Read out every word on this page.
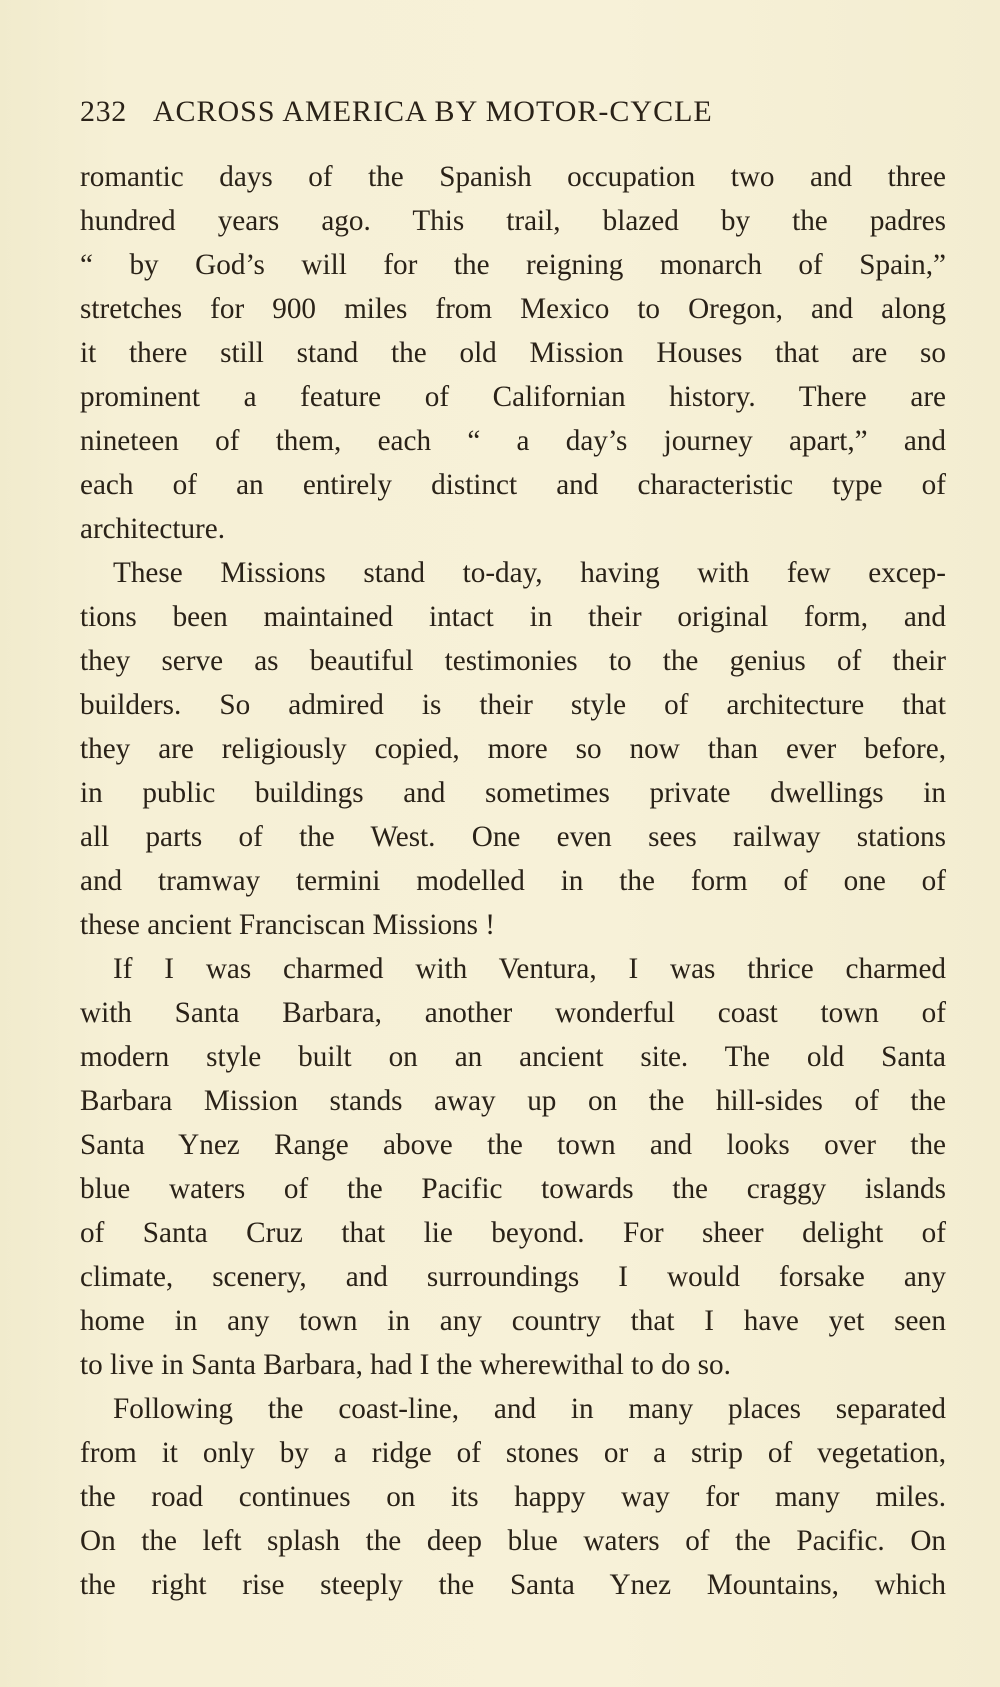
232 ACROSS AMERICA BY MOTOR-CYCLE
romantic days of the Spanish occupation two and three
hundred years ago. This trail, blazed by the padres
“ by God’s will for the reigning monarch of Spain,”
stretches for 900 miles from Mexico to Oregon, and along
it there still stand the old Mission Houses that are so
prominent a feature of Californian history. There are
nineteen of them, each “ a day’s journey apart,” and
each of an entirely distinct and characteristic type of
architecture.
These Missions stand to-day, having with few excep-
tions been maintained intact in their original form, and
they serve as beautiful testimonies to the genius of their
builders. So admired is their style of architecture that
they are religiously copied, more so now than ever before,
in public buildings and sometimes private dwellings in
all parts of the West. One even sees railway stations
and tramway termini modelled in the form of one of
these ancient Franciscan Missions !
If I was charmed with Ventura, I was thrice charmed
with Santa Barbara, another wonderful coast town of
modern style built on an ancient site. The old Santa
Barbara Mission stands away up on the hill-sides of the
Santa Ynez Range above the town and looks over the
blue waters of the Pacific towards the craggy islands
of Santa Cruz that lie beyond. For sheer delight of
climate, scenery, and surroundings I would forsake any
home in any town in any country that I have yet seen
to live in Santa Barbara, had I the wherewithal to do so.
Following the coast-line, and in many places separated
from it only by a ridge of stones or a strip of vegetation,
the road continues on its happy way for many miles.
On the left splash the deep blue waters of the Pacific. On
the right rise steeply the Santa Ynez Mountains, which
